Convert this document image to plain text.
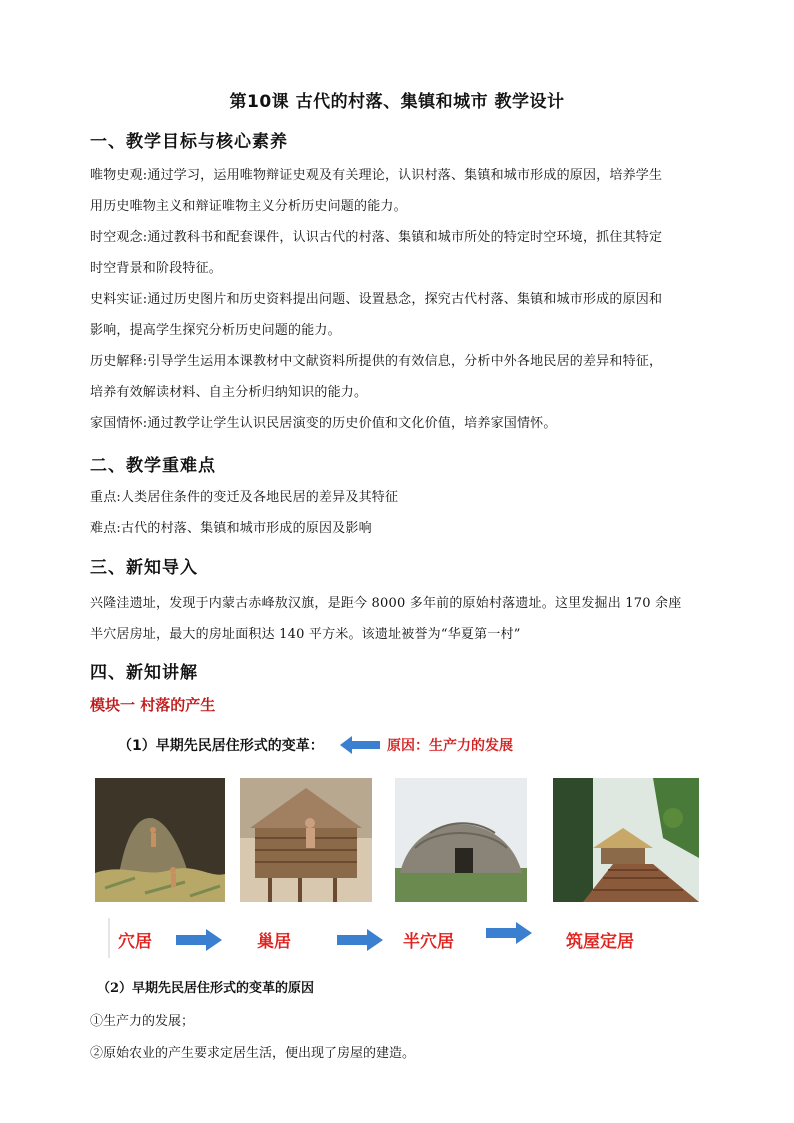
第10课 古代的村落、集镇和城市 教学设计
一、教学目标与核心素养
唯物史观:通过学习，运用唯物辩证史观及有关理论，认识村落、集镇和城市形成的原因，培养学生
用历史唯物主义和辩证唯物主义分析历史问题的能力。
时空观念:通过教科书和配套课件，认识古代的村落、集镇和城市所处的特定时空环境，抓住其特定
时空背景和阶段特征。
史料实证:通过历史图片和历史资料提出问题、设置悬念，探究古代村落、集镇和城市形成的原因和
影响，提高学生探究分析历史问题的能力。
历史解释:引导学生运用本课教材中文献资料所提供的有效信息，分析中外各地民居的差异和特征，
培养有效解读材料、自主分析归纳知识的能力。
家国情怀:通过教学让学生认识民居演变的历史价值和文化价值，培养家国情怀。
二、教学重难点
重点:人类居住条件的变迁及各地民居的差异及其特征
难点:古代的村落、集镇和城市形成的原因及影响
三、新知导入
兴隆洼遗址，发现于内蒙古赤峰敖汉旗，是距今 8000 多年前的原始村落遗址。这里发掘出 170 余座
半穴居房址，最大的房址面积达 140 平方米。该遗址被誉为“华夏第一村”
四、新知讲解
模块一 村落的产生
（1）早期先民居住形式的变革：	原因：生产力的发展
穴居	巢居	半穴居	筑屋定居
（2）早期先民居住形式的变革的原因
①生产力的发展；
②原始农业的产生要求定居生活，便出现了房屋的建造。
